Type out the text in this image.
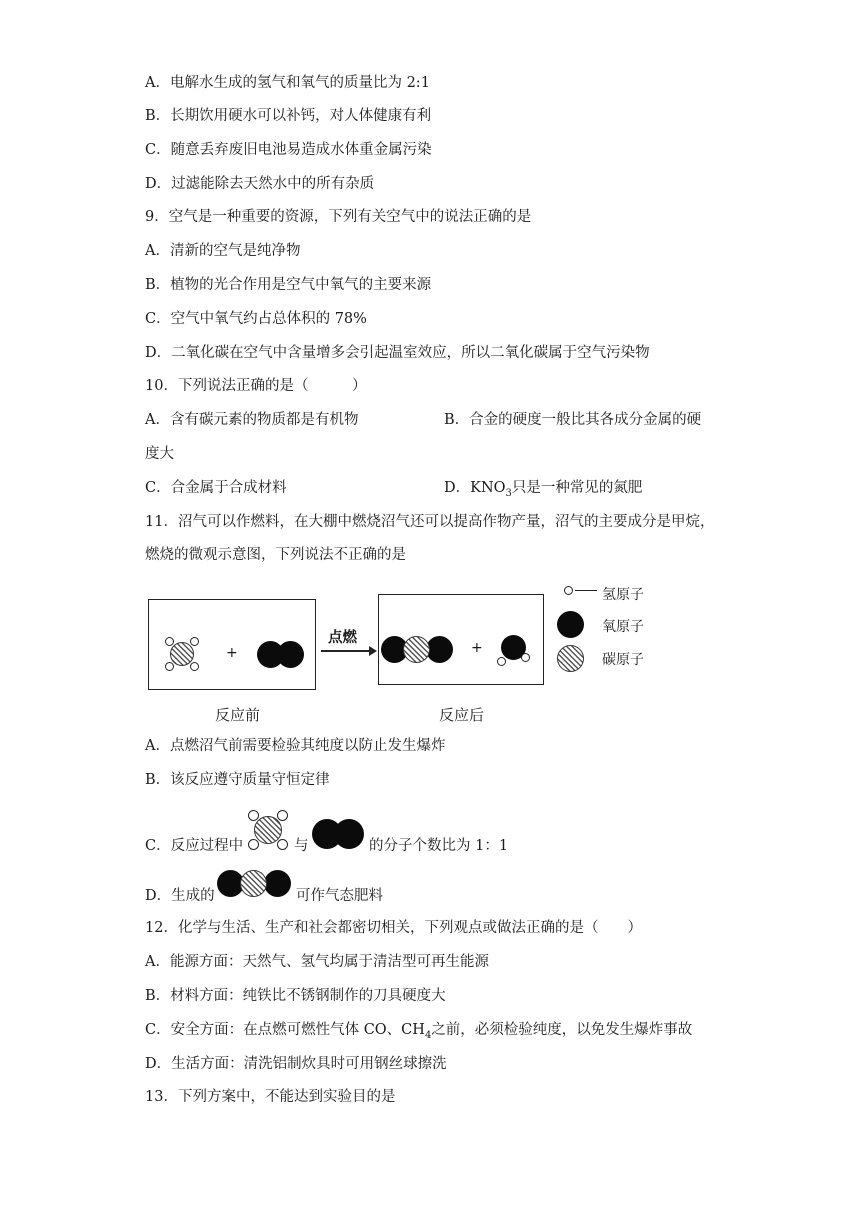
A．电解水生成的氢气和氧气的质量比为 2:1
B．长期饮用硬水可以补钙，对人体健康有利
C．随意丢弃废旧电池易造成水体重金属污染
D．过滤能除去天然水中的所有杂质
9．空气是一种重要的资源，下列有关空气中的说法正确的是
A．清新的空气是纯净物
B．植物的光合作用是空气中氧气的主要来源
C．空气中氧气约占总体积的 78%
D．二氧化碳在空气中含量增多会引起温室效应，所以二氧化碳属于空气污染物
10．下列说法正确的是（　　　）
A．含有碳元素的物质都是有机物	B．合金的硬度一般比其各成分金属的硬
度大
C．合金属于合成材料	D．$KNO_3$只是一种常见的氮肥
11．沼气可以作燃料，在大棚中燃烧沼气还可以提高作物产量，沼气的主要成分是甲烷，
燃烧的微观示意图，下列说法不正确的是
+
点燃
+
反应前	反应后
氢原子
氧原子
碳原子
A．点燃沼气前需要检验其纯度以防止发生爆炸
B．该反应遵守质量守恒定律
C．反应过程中	与	的分子个数比为 1：1
D．生成的	可作气态肥料
12．化学与生活、生产和社会都密切相关，下列观点或做法正确的是（　　）
A．能源方面：天然气、氢气均属于清洁型可再生能源
B．材料方面：纯铁比不锈钢制作的刀具硬度大
C．安全方面：在点燃可燃性气体 CO、$CH_4$之前，必须检验纯度，以免发生爆炸事故
D．生活方面：清洗铝制炊具时可用钢丝球擦洗
13．下列方案中，不能达到实验目的是
